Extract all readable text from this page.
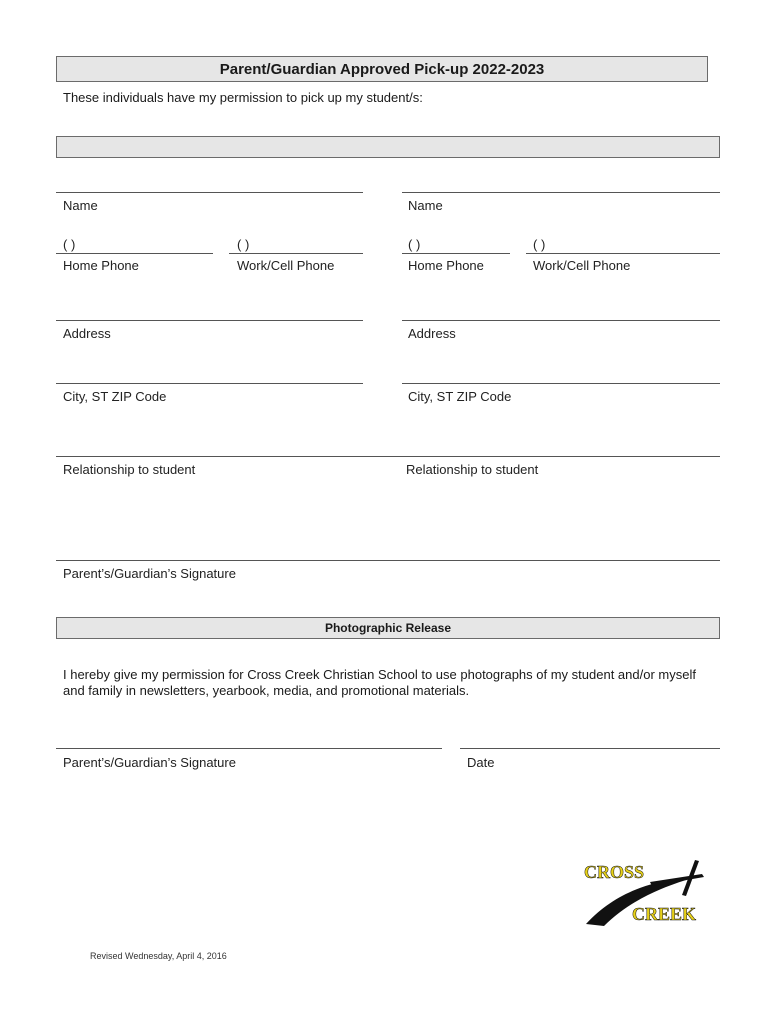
Parent/Guardian Approved Pick-up 2022-2023
These individuals have my permission to pick up my student/s:
Name
( )	( )
Home Phone	Work/Cell Phone
Address
City, ST ZIP Code
Name
( )	( )
Home Phone	Work/Cell Phone
Address
City, ST ZIP Code
Relationship to student	Relationship to student
Parent’s/Guardian’s Signature
Photographic Release
I hereby give my permission for Cross Creek Christian School to use photographs of my student and/or myself and family in newsletters, yearbook, media, and promotional materials.
Parent’s/Guardian’s Signature	Date
CROSS
CREEK
Revised Wednesday, April 4, 2016
